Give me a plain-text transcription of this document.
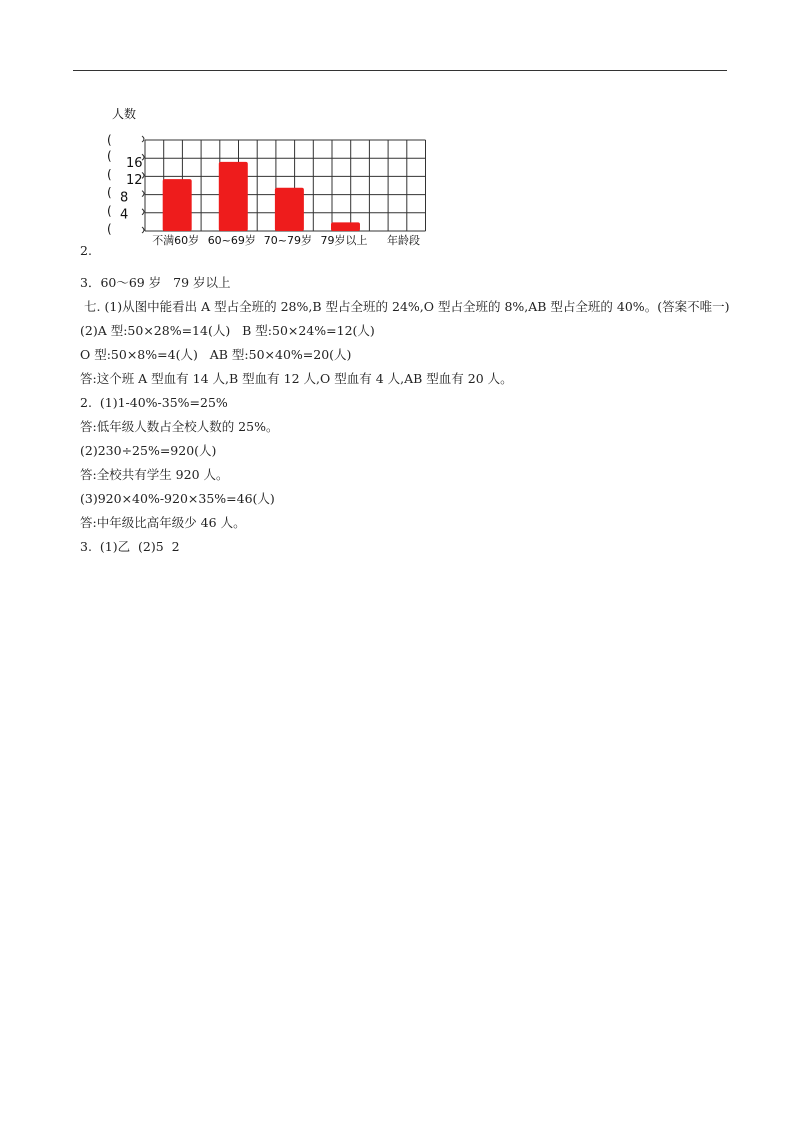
人数
(
(
(
(
(
(
4
8
12
16
不满60岁 60~69岁 70~79岁 79岁以上 年龄段
2.
3．60～69 岁   79 岁以上
七. (1)从图中能看出 A 型占全班的 28%,B 型占全班的 24%,O 型占全班的 8%,AB 型占全班的 40%。(答案不唯一)
(2)A 型:50×28%=14(人)   B 型:50×24%=12(人)
O 型:50×8%=4(人)   AB 型:50×40%=20(人)
答:这个班 A 型血有 14 人,B 型血有 12 人,O 型血有 4 人,AB 型血有 20 人。
2.  (1)1-40%-35%=25%
答:低年级人数占全校人数的 25%。
(2)230÷25%=920(人)
答:全校共有学生 920 人。
(3)920×40%-920×35%=46(人)
答:中年级比高年级少 46 人。
3.  (1)乙  (2)5  2
